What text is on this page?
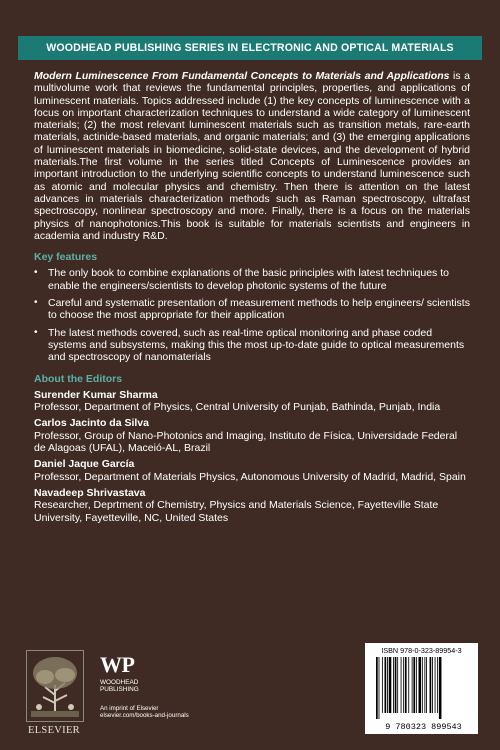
WOODHEAD PUBLISHING SERIES IN ELECTRONIC AND OPTICAL MATERIALS

Modern Luminescence From Fundamental Concepts to Materials and Applications is a multivolume work that reviews the fundamental principles, properties, and applications of luminescent materials. Topics addressed include (1) the key concepts of luminescence with a focus on important characterization techniques to understand a wide category of luminescent materials; (2) the most relevant luminescent materials such as transition metals, rare-earth materials, actinide-based materials, and organic materials; and (3) the emerging applications of luminescent materials in biomedicine, solid-state devices, and the development of hybrid materials.The first volume in the series titled Concepts of Luminescence provides an important introduction to the underlying scientific concepts to understand luminescence such as atomic and molecular physics and chemistry. Then there is attention on the latest advances in materials characterization methods such as Raman spectroscopy, ultrafast spectroscopy, nonlinear spectroscopy and more. Finally, there is a focus on the materials physics of nanophotonics.This book is suitable for materials scientists and engineers in academia and industry R&D.

Key features
• The only book to combine explanations of the basic principles with latest techniques to enable the engineers/scientists to develop photonic systems of the future
• Careful and systematic presentation of measurement methods to help engineers/ scientists to choose the most appropriate for their application
• The latest methods covered, such as real-time optical monitoring and phase coded systems and subsystems, making this the most up-to-date guide to optical measurements and spectroscopy of nanomaterials
About the Editors
Surender Kumar Sharma
Professor, Department of Physics, Central University of Punjab, Bathinda, Punjab, India
Carlos Jacinto da Silva
Professor, Group of Nano-Photonics and Imaging, Instituto de Física, Universidade Federal de Alagoas (UFAL), Maceió-AL, Brazil
Daniel Jaque García
Professor, Department of Materials Physics, Autonomous University of Madrid, Madrid, Spain
Navadeep Shrivastava
Researcher, Deprtment of Chemistry, Physics and Materials Science, Fayetteville State University, Fayetteville, NC, United States
ELSEVIER
WP
WOODHEAD
PUBLISHING
An imprint of Elsevier
elsevier.com/books-and-journals
ISBN 978-0-323-89954-3
9 780323 899543
